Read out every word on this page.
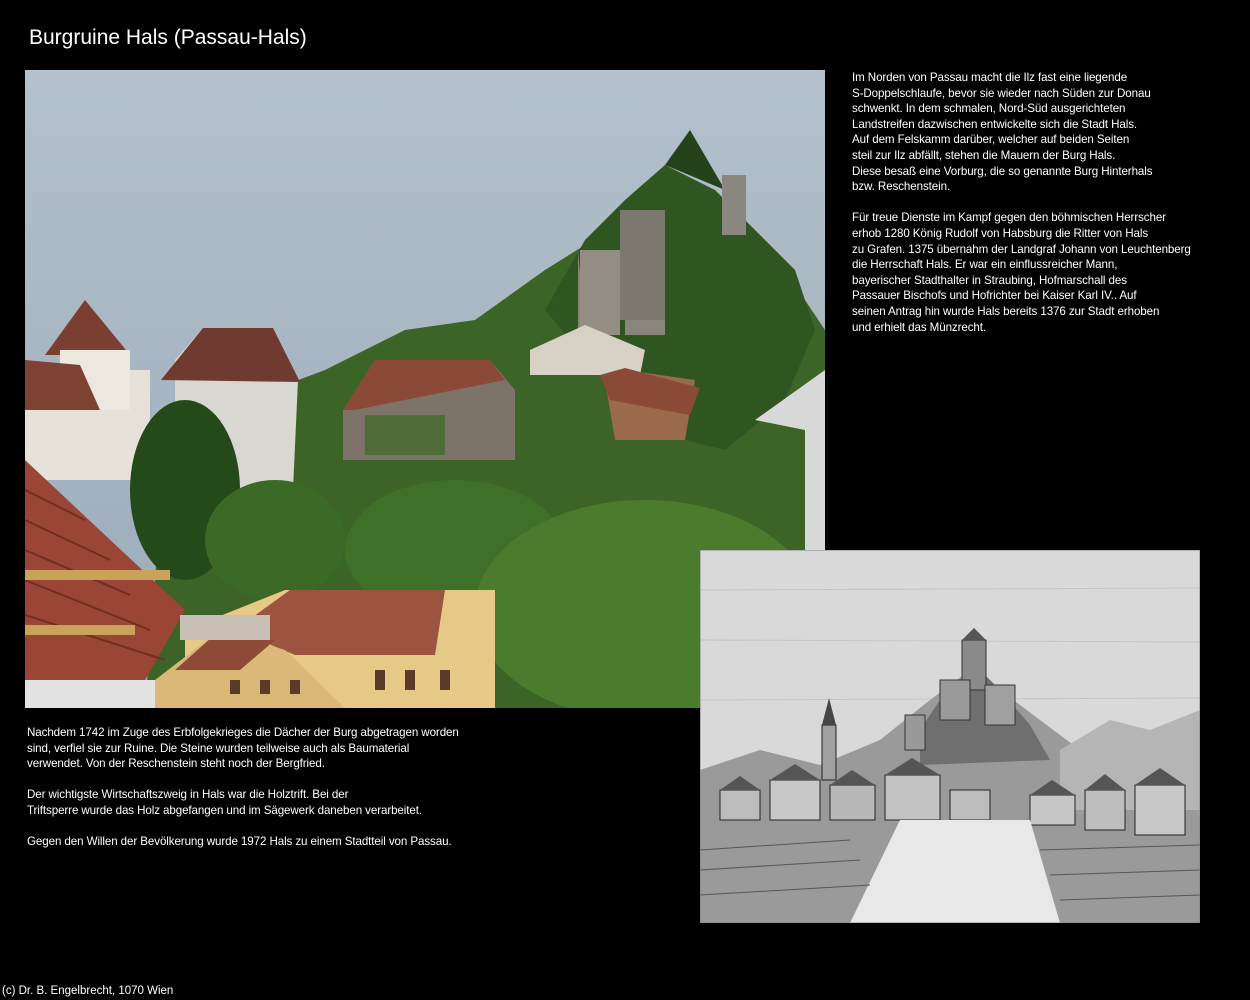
Burgruine Hals (Passau-Hals)

Im Norden von Passau macht die Ilz fast eine liegende
S-Doppelschlaufe, bevor sie wieder nach Süden zur Donau
schwenkt. In dem schmalen, Nord-Süd ausgerichteten
Landstreifen dazwischen entwickelte sich die Stadt Hals.
Auf dem Felskamm darüber, welcher auf beiden Seiten
steil zur Ilz abfällt, stehen die Mauern der Burg Hals.
Diese besaß eine Vorburg, die so genannte Burg Hinterhals
bzw. Reschenstein.

Für treue Dienste im Kampf gegen den böhmischen Herrscher
erhob 1280 König Rudolf von Habsburg die Ritter von Hals
zu Grafen. 1375 übernahm der Landgraf Johann von Leuchtenberg
die Herrschaft Hals. Er war ein einflussreicher Mann,
bayerischer Stadthalter in Straubing, Hofmarschall des
Passauer Bischofs und Hofrichter bei Kaiser Karl IV.. Auf
seinen Antrag hin wurde Hals bereits 1376 zur Stadt erhoben
und erhielt das Münzrecht.

Nachdem 1742 im Zuge des Erbfolgekrieges die Dächer der Burg abgetragen worden
sind, verfiel sie zur Ruine. Die Steine wurden teilweise auch als Baumaterial
verwendet. Von der Reschenstein steht noch der Bergfried.

Der wichtigste Wirtschaftszweig in Hals war die Holztrift. Bei der
Triftsperre wurde das Holz abgefangen und im Sägewerk daneben verarbeitet.

Gegen den Willen der Bevölkerung wurde 1972 Hals zu einem Stadtteil von Passau.

(c) Dr. B. Engelbrecht, 1070 Wien
